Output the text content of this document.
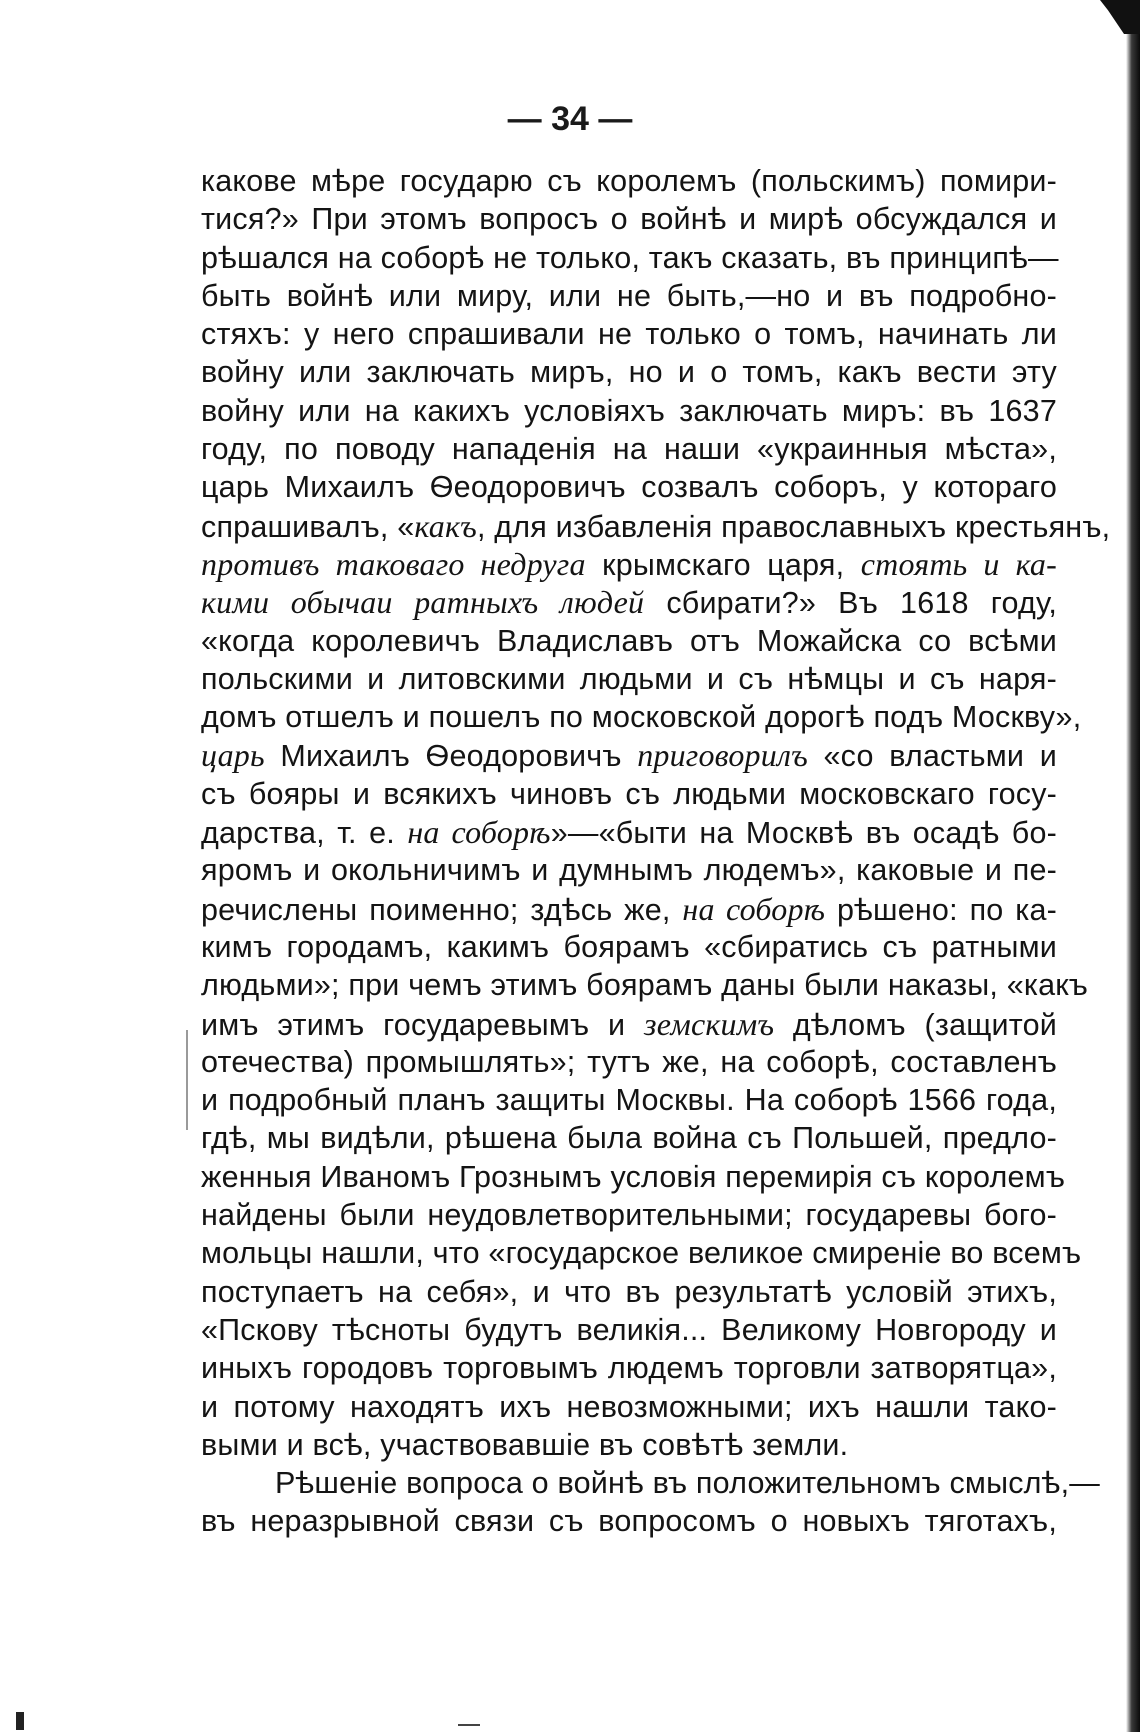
— 34 —
какове мѣре государю съ королемъ (польскимъ) помири-
тися?» При этомъ вопросъ о войнѣ и мирѣ обсуждался и
рѣшался на соборѣ не только, такъ сказать, въ принципѣ—
быть войнѣ или миру, или не быть,—но и въ подробно-
стяхъ: у него спрашивали не только о томъ, начинать ли
войну или заключать миръ, но и о томъ, какъ вести эту
войну или на какихъ условіяхъ заключать миръ: въ 1637
году, по поводу нападенія на наши «украинныя мѣста»,
царь Михаилъ Ѳеодоровичъ созвалъ соборъ, у котораго
спрашивалъ, «какъ, для избавленія православныхъ крестьянъ,
противъ таковаго недруга крымскаго царя, стоять и ка-
кими обычаи ратныхъ людей сбирати?» Въ 1618 году,
«когда королевичъ Владиславъ отъ Можайска со всѣми
польскими и литовскими людьми и съ нѣмцы и съ наря-
домъ отшелъ и пошелъ по московской дорогѣ подъ Москву»,
царь Михаилъ Ѳеодоровичъ приговорилъ «со властьми и
съ бояры и всякихъ чиновъ съ людьми московскаго госу-
дарства, т. е. на соборѣ»—«быти на Москвѣ въ осадѣ бо-
яромъ и окольничимъ и думнымъ людемъ», каковые и пе-
речислены поименно; здѣсь же, на соборѣ рѣшено: по ка-
кимъ городамъ, какимъ боярамъ «сбиратись съ ратными
людьми»; при чемъ этимъ боярамъ даны были наказы, «какъ
имъ этимъ государевымъ и земскимъ дѣломъ (защитой
отечества) промышлять»; тутъ же, на соборѣ, составленъ
и подробный планъ защиты Москвы. На соборѣ 1566 года,
гдѣ, мы видѣли, рѣшена была война съ Польшей, предло-
женныя Иваномъ Грознымъ условія перемирія съ королемъ
найдены были неудовлетворительными; государевы бого-
мольцы нашли, что «государское великое смиреніе во всемъ
поступаетъ на себя», и что въ результатѣ условій этихъ,
«Пскову тѣсноты будутъ великія... Великому Новгороду и
иныхъ городовъ торговымъ людемъ торговли затворятца»,
и потому находятъ ихъ невозможными; ихъ нашли тако-
выми и всѣ, участвовавшіе въ совѣтѣ земли.
Рѣшеніе вопроса о войнѣ въ положительномъ смыслѣ,—
въ неразрывной связи съ вопросомъ о новыхъ тяготахъ,
